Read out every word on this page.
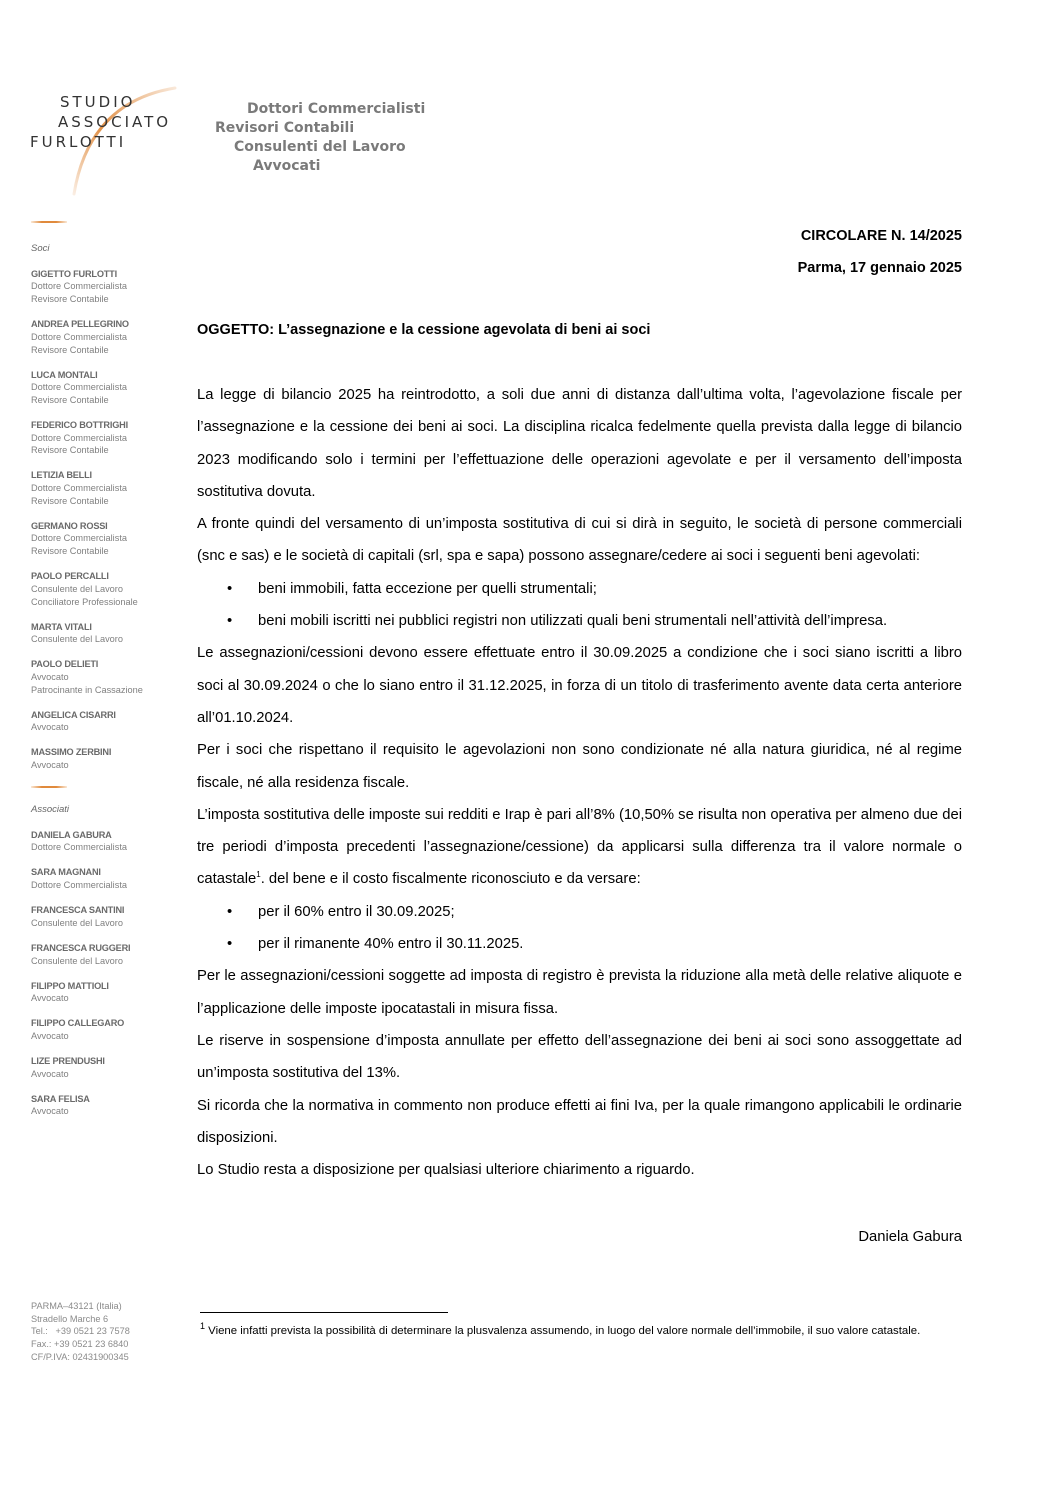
STUDIO
ASSOCIATO
FURLOTTI
Dottori Commercialisti
Revisori Contabili
Consulenti del Lavoro
Avvocati
Soci
GIGETTO FURLOTTI
Dottore Commercialista
Revisore Contabile
ANDREA PELLEGRINO
Dottore Commercialista
Revisore Contabile
LUCA MONTALI
Dottore Commercialista
Revisore Contabile
FEDERICO BOTTRIGHI
Dottore Commercialista
Revisore Contabile
LETIZIA BELLI
Dottore Commercialista
Revisore Contabile
GERMANO ROSSI
Dottore Commercialista
Revisore Contabile
PAOLO PERCALLI
Consulente del Lavoro
Conciliatore Professionale
MARTA VITALI
Consulente del Lavoro
PAOLO DELIETI
Avvocato
Patrocinante in Cassazione
ANGELICA CISARRI
Avvocato
MASSIMO ZERBINI
Avvocato
Associati
DANIELA GABURA
Dottore Commercialista
SARA MAGNANI
Dottore Commercialista
FRANCESCA SANTINI
Consulente del Lavoro
FRANCESCA RUGGERI
Consulente del Lavoro
FILIPPO MATTIOLI
Avvocato
FILIPPO CALLEGARO
Avvocato
LIZE PRENDUSHI
Avvocato
SARA FELISA
Avvocato
PARMA–43121 (Italia)
Stradello Marche 6
Tel.:   +39 0521 23 7578
Fax.: +39 0521 23 6840
CF/P.IVA: 02431900345
CIRCOLARE N. 14/2025
Parma, 17 gennaio 2025
OGGETTO: L’assegnazione e la cessione agevolata di beni ai soci

La legge di bilancio 2025 ha reintrodotto, a soli due anni di distanza dall’ultima volta, l’agevolazione fiscale per l’assegnazione e la cessione dei beni ai soci. La disciplina ricalca fedelmente quella prevista dalla legge di bilancio 2023 modificando solo i termini per l’effettuazione delle operazioni agevolate e per il versamento dell’imposta sostitutiva dovuta.

A fronte quindi del versamento di un’imposta sostitutiva di cui si dirà in seguito, le società di persone commerciali (snc e sas) e le società di capitali (srl, spa e sapa) possono assegnare/cedere ai soci i seguenti beni agevolati:

• beni immobili, fatta eccezione per quelli strumentali;
• beni mobili iscritti nei pubblici registri non utilizzati quali beni strumentali nell’attività dell’impresa.

Le assegnazioni/cessioni devono essere effettuate entro il 30.09.2025 a condizione che i soci siano iscritti a libro soci al 30.09.2024 o che lo siano entro il 31.12.2025, in forza di un titolo di trasferimento avente data certa anteriore all’01.10.2024.

Per i soci che rispettano il requisito le agevolazioni non sono condizionate né alla natura giuridica, né al regime fiscale, né alla residenza fiscale.

L’imposta sostitutiva delle imposte sui redditi e Irap è pari all’8% (10,50% se risulta non operativa per almeno due dei tre periodi d’imposta precedenti l’assegnazione/cessione) da applicarsi sulla differenza tra il valore normale o catastale$^1$. del bene e il costo fiscalmente riconosciuto e da versare:

• per il 60% entro il 30.09.2025;
• per il rimanente 40% entro il 30.11.2025.

Per le assegnazioni/cessioni soggette ad imposta di registro è prevista la riduzione alla metà delle relative aliquote e l’applicazione delle imposte ipocatastali in misura fissa.

Le riserve in sospensione d’imposta annullate per effetto dell’assegnazione dei beni ai soci sono assoggettate ad un’imposta sostitutiva del 13%.

Si ricorda che la normativa in commento non produce effetti ai fini Iva, per la quale rimangono applicabili le ordinarie disposizioni.

Lo Studio resta a disposizione per qualsiasi ulteriore chiarimento a riguardo.

Daniela Gabura
$^1$ Viene infatti prevista la possibilità di determinare la plusvalenza assumendo, in luogo del valore normale dell’immobile, il suo valore catastale.
